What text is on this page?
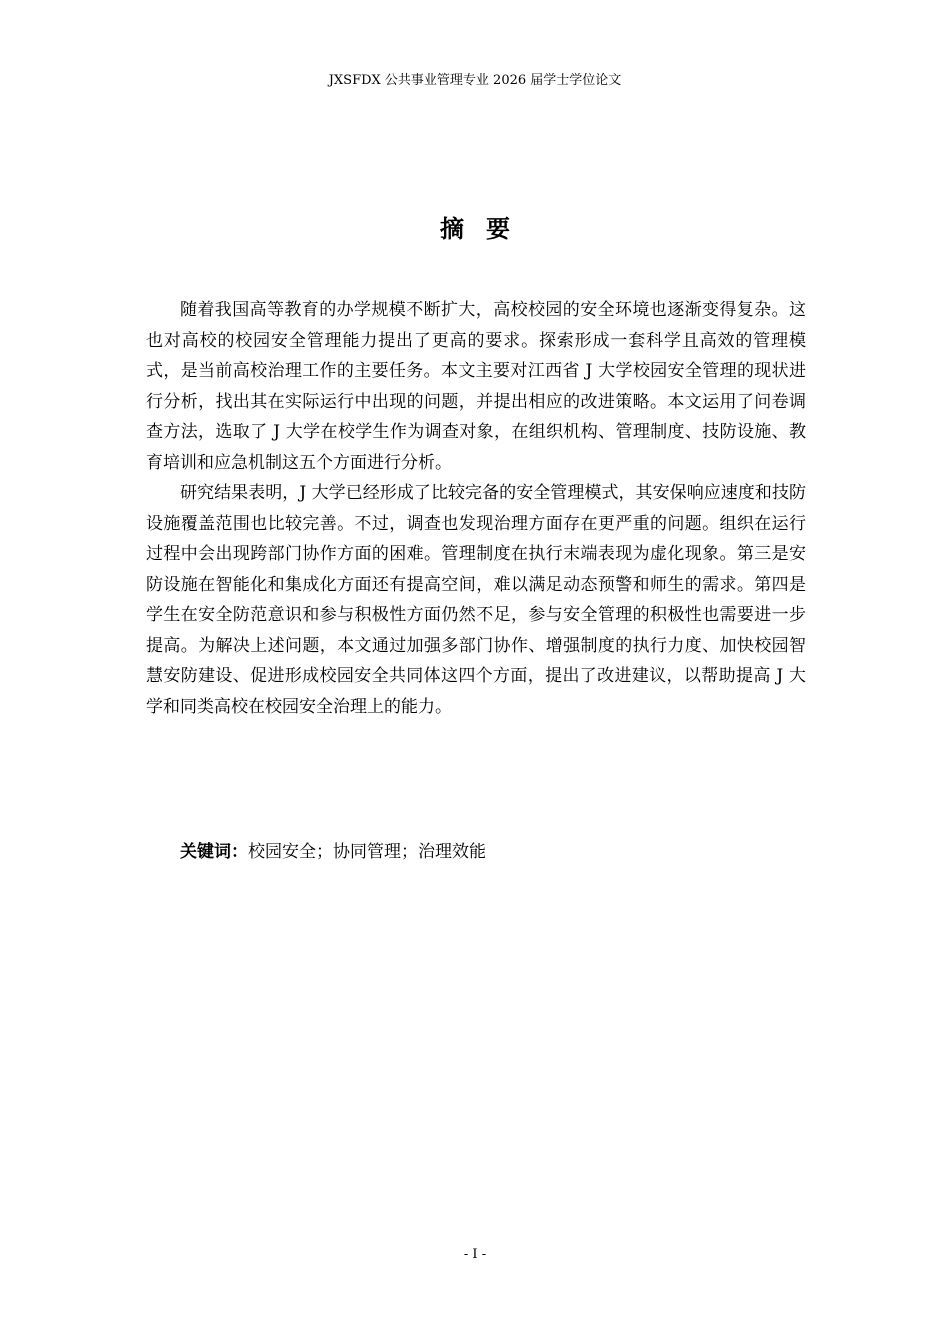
JXSFDX 公共事业管理专业 2026 届学士学位论文
摘要

随着我国高等教育的办学规模不断扩大，高校校园的安全环境也逐渐变得复杂。这也对高校的校园安全管理能力提出了更高的要求。探索形成一套科学且高效的管理模式，是当前高校治理工作的主要任务。本文主要对江西省 J 大学校园安全管理的现状进行分析，找出其在实际运行中出现的问题，并提出相应的改进策略。本文运用了问卷调查方法，选取了 J 大学在校学生作为调查对象，在组织机构、管理制度、技防设施、教育培训和应急机制这五个方面进行分析。

研究结果表明，J 大学已经形成了比较完备的安全管理模式，其安保响应速度和技防设施覆盖范围也比较完善。不过，调查也发现治理方面存在更严重的问题。组织在运行过程中会出现跨部门协作方面的困难。管理制度在执行末端表现为虚化现象。第三是安防设施在智能化和集成化方面还有提高空间，难以满足动态预警和师生的需求。第四是学生在安全防范意识和参与积极性方面仍然不足，参与安全管理的积极性也需要进一步提高。为解决上述问题，本文通过加强多部门协作、增强制度的执行力度、加快校园智慧安防建设、促进形成校园安全共同体这四个方面，提出了改进建议，以帮助提高 J 大学和同类高校在校园安全治理上的能力。

关键词：校园安全；协同管理；治理效能
- I -
